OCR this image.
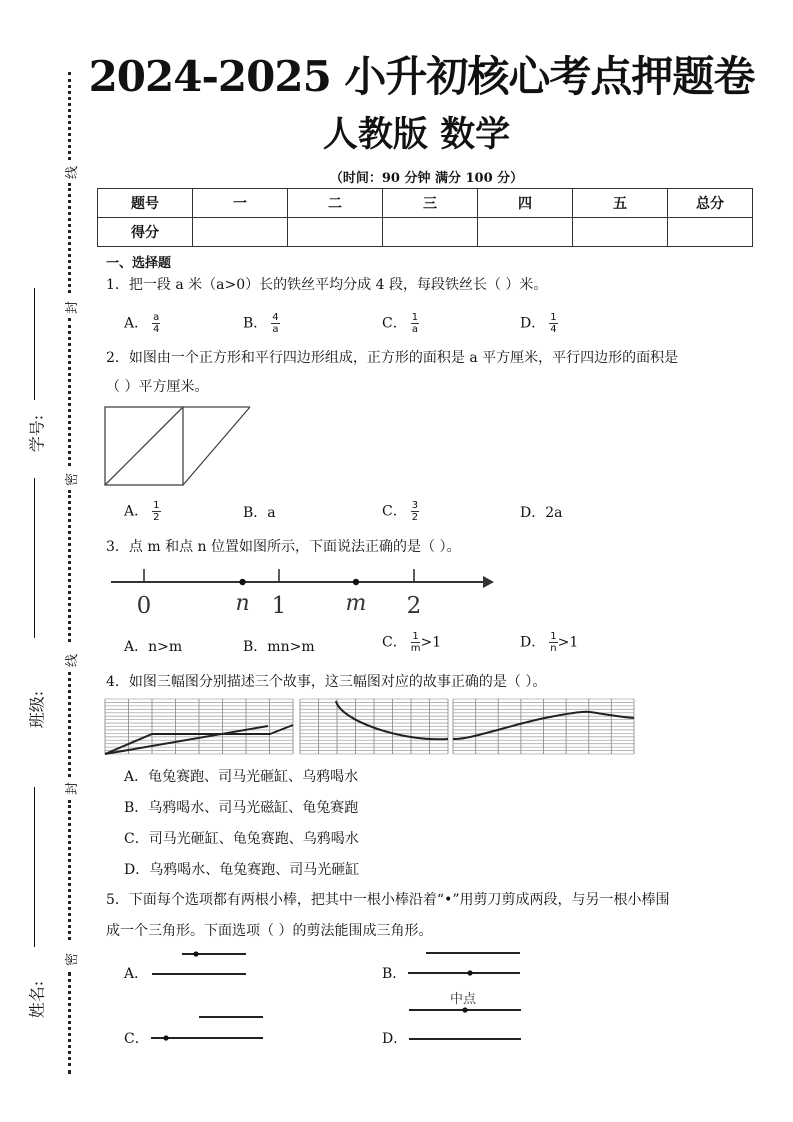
线
封
密
线
封
密
学号:
班级:
姓名:
2024-2025 小升初核心考点押题卷
人教版 数学
（时间：90 分钟 满分 100 分）
题号	一	二	三	四	五	总分
得分						
一、选择题
1．把一段 a 米（a>0）长的铁丝平均分成 4 段，每段铁丝长（ ）米。
A． $\frac{a}{4}$	B． $\frac{4}{a}$	C． $\frac{1}{a}$	D． $\frac{1}{4}$
2．如图由一个正方形和平行四边形组成，正方形的面积是 a 平方厘米，平行四边形的面积是
（ ）平方厘米。
A． $\frac{1}{2}$	B．a	C． $\frac{3}{2}$	D．2a
3．点 m 和点 n 位置如图所示，下面说法正确的是（ ）。
0	1	2
n	m
A．n>m	B．mn>m	C． $\frac{1}{m} >1$	D． $\frac{1}{n} >1$
4．如图三幅图分别描述三个故事，这三幅图对应的故事正确的是（ ）。
A．龟兔赛跑、司马光砸缸、乌鸦喝水
B．乌鸦喝水、司马光磁缸、龟兔赛跑
C．司马光砸缸、龟兔赛跑、乌鸦喝水
D．乌鸦喝水、龟兔赛跑、司马光砸缸
5．下面每个选项都有两根小棒，把其中一根小棒沿着“•”用剪刀剪成两段，与另一根小棒围
成一个三角形。下面选项（ ）的剪法能围成三角形。
A．	B．
C．	D．
中点
